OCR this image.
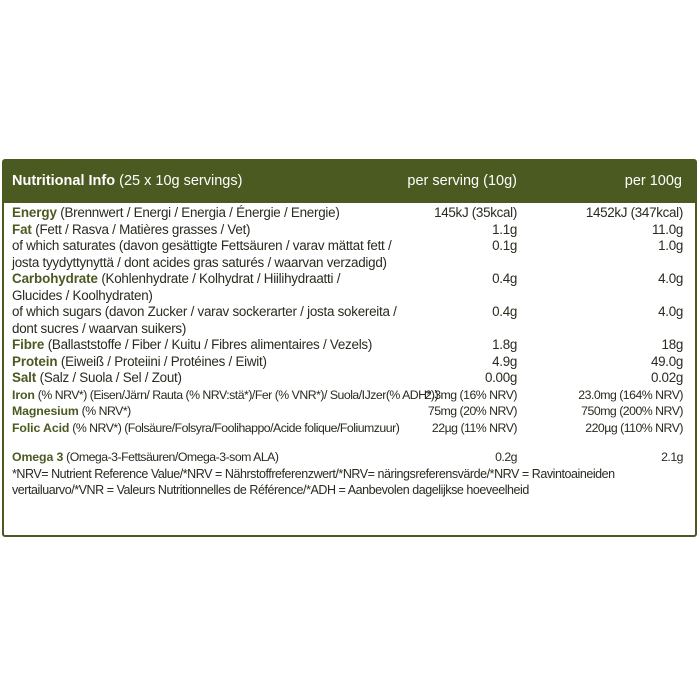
Nutritional Info (25 x 10g servings)	per serving (10g)	per 100g
Energy (Brennwert / Energi / Energia / Énergie / Energie)	145kJ (35kcal)	1452kJ (347kcal)
Fat (Fett / Rasva / Matières grasses / Vet)	1.1g	11.0g
of which saturates (davon gesättigte Fettsäuren / varav mättat fett /
josta tyydyttynyttä / dont acides gras saturés / waarvan verzadigd)
0.1g	1.0g
Carbohydrate (Kohlenhydrate / Kolhydrat / Hiilihydraatti /
Glucides / Koolhydraten)
0.4g	4.0g
of which sugars (davon Zucker / varav sockerarter / josta sokereita /
dont sucres / waarvan suikers)
0.4g	4.0g
Fibre (Ballaststoffe / Fiber / Kuitu / Fibres alimentaires / Vezels)	1.8g	18g
Protein (Eiweiß / Proteiini / Protéines / Eiwit)	4.9g	49.0g
Salt (Salz / Suola / Sel / Zout)	0.00g	0.02g
Iron (% NRV*) (Eisen/Järn/ Rauta (% NRV:stä*)/Fer (% VNR*)/ Suola/IJzer(% ADH*))
2.3mg (16% NRV)	23.0mg (164% NRV)
Magnesium (% NRV*)	75mg (20% NRV)	750mg (200% NRV)
Folic Acid (% NRV*) (Folsäure/Folsyra/Foolihappo/Acide folique/Foliumzuur)	22µg (11% NRV)	220µg (110% NRV)
Omega 3 (Omega-3-Fettsäuren/Omega-3-som ALA)	0.2g	2.1g
*NRV= Nutrient Reference Value/*NRV = Nährstoffreferenzwert/*NRV= näringsreferensvärde/*NRV = Ravintoaineiden
vertailuarvo/*VNR = Valeurs Nutritionnelles de Référence/*ADH = Aanbevolen dagelijkse hoeveelheid
